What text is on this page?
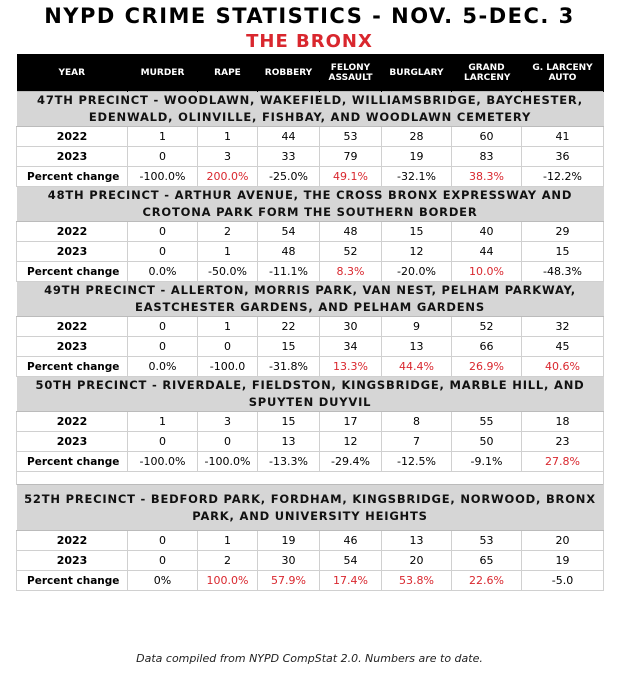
NYPD CRIME STATISTICS - NOV. 5-DEC. 3
THE BRONX
YEAR	MURDER	RAPE	ROBBERY	FELONY ASSAULT	BURGLARY	GRAND LARCENY	G. LARCENY AUTO
47TH PRECINCT - WOODLAWN, WAKEFIELD, WILLIAMSBRIDGE, BAYCHESTER, EDENWALD, OLINVILLE, FISHBAY, AND WOODLAWN CEMETERY							
2022	1	1	44	53	28	60	41
2023	0	3	33	79	19	83	36
Percent change	-100.0%	200.0%	-25.0%	49.1%	-32.1%	38.3%	-12.2%
48TH PRECINCT - ARTHUR AVENUE, THE CROSS BRONX EXPRESSWAY AND CROTONA PARK FORM THE SOUTHERN BORDER							
2022	0	2	54	48	15	40	29
2023	0	1	48	52	12	44	15
Percent change	0.0%	-50.0%	-11.1%	8.3%	-20.0%	10.0%	-48.3%
49TH PRECINCT - ALLERTON, MORRIS PARK, VAN NEST, PELHAM PARKWAY, EASTCHESTER GARDENS, AND PELHAM GARDENS							
2022	0	1	22	30	9	52	32
2023	0	0	15	34	13	66	45
Percent change	0.0%	-100.0	-31.8%	13.3%	44.4%	26.9%	40.6%
50TH PRECINCT - RIVERDALE, FIELDSTON, KINGSBRIDGE, MARBLE HILL, AND SPUYTEN DUYVIL							
2022	1	3	15	17	8	55	18
2023	0	0	13	12	7	50	23
Percent change	-100.0%	-100.0%	-13.3%	-29.4%	-12.5%	-9.1%	27.8%

52TH PRECINCT - BEDFORD PARK, FORDHAM, KINGSBRIDGE, NORWOOD, BRONX PARK, AND UNIVERSITY HEIGHTS							
2022	0	1	19	46	13	53	20
2023	0	2	30	54	20	65	19
Percent change	0%	100.0%	57.9%	17.4%	53.8%	22.6%	-5.0
Data compiled from NYPD CompStat 2.0. Numbers are to date.
